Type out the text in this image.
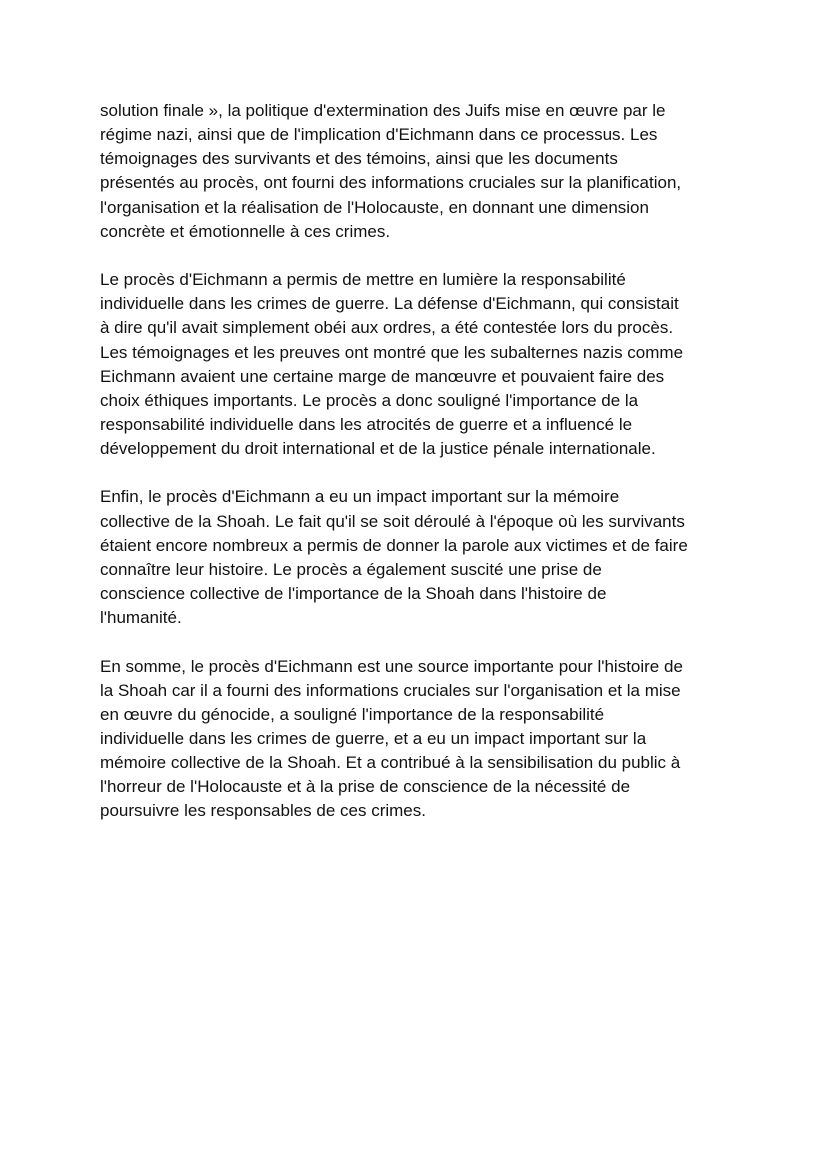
solution finale », la politique d'extermination des Juifs mise en œuvre par le
régime nazi, ainsi que de l'implication d'Eichmann dans ce processus. Les
témoignages des survivants et des témoins, ainsi que les documents
présentés au procès, ont fourni des informations cruciales sur la planification,
l'organisation et la réalisation de l'Holocauste, en donnant une dimension
concrète et émotionnelle à ces crimes.

Le procès d'Eichmann a permis de mettre en lumière la responsabilité
individuelle dans les crimes de guerre. La défense d'Eichmann, qui consistait
à dire qu'il avait simplement obéi aux ordres, a été contestée lors du procès.
Les témoignages et les preuves ont montré que les subalternes nazis comme
Eichmann avaient une certaine marge de manœuvre et pouvaient faire des
choix éthiques importants. Le procès a donc souligné l'importance de la
responsabilité individuelle dans les atrocités de guerre et a influencé le
développement du droit international et de la justice pénale internationale.

Enfin, le procès d'Eichmann a eu un impact important sur la mémoire
collective de la Shoah. Le fait qu'il se soit déroulé à l'époque où les survivants
étaient encore nombreux a permis de donner la parole aux victimes et de faire
connaître leur histoire. Le procès a également suscité une prise de
conscience collective de l'importance de la Shoah dans l'histoire de
l'humanité.

En somme, le procès d'Eichmann est une source importante pour l'histoire de
la Shoah car il a fourni des informations cruciales sur l'organisation et la mise
en œuvre du génocide, a souligné l'importance de la responsabilité
individuelle dans les crimes de guerre, et a eu un impact important sur la
mémoire collective de la Shoah. Et a contribué à la sensibilisation du public à
l'horreur de l'Holocauste et à la prise de conscience de la nécessité de
poursuivre les responsables de ces crimes.
